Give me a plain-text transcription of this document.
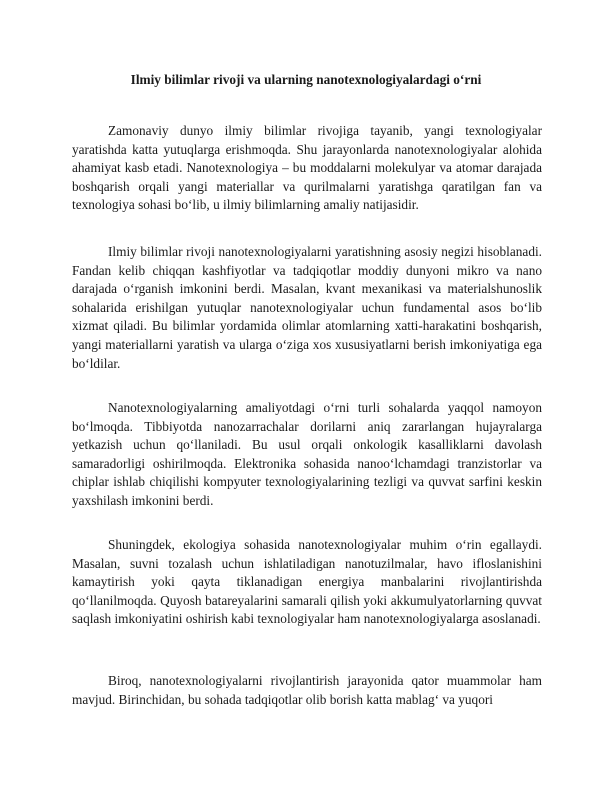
Ilmiy bilimlar rivoji va ularning nanotexnologiyalardagi o‘rni

Zamonaviy dunyo ilmiy bilimlar rivojiga tayanib, yangi texnologiyalar yaratishda katta yutuqlarga erishmoqda. Shu jarayonlarda nanotexnologiyalar alohida ahamiyat kasb etadi. Nanotexnologiya – bu moddalarni molekulyar va atomar darajada boshqarish orqali yangi materiallar va qurilmalarni yaratishga qaratilgan fan va texnologiya sohasi bo‘lib, u ilmiy bilimlarning amaliy natijasidir.

Ilmiy bilimlar rivoji nanotexnologiyalarni yaratishning asosiy negizi hisoblanadi. Fandan kelib chiqqan kashfiyotlar va tadqiqotlar moddiy dunyoni mikro va nano darajada o‘rganish imkonini berdi. Masalan, kvant mexanikasi va materialshunoslik sohalarida erishilgan yutuqlar nanotexnologiyalar uchun fundamental asos bo‘lib xizmat qiladi. Bu bilimlar yordamida olimlar atomlarning xatti-harakatini boshqarish, yangi materiallarni yaratish va ularga o‘ziga xos xususiyatlarni berish imkoniyatiga ega bo‘ldilar.

Nanotexnologiyalarning amaliyotdagi o‘rni turli sohalarda yaqqol namoyon bo‘lmoqda. Tibbiyotda nanozarrachalar dorilarni aniq zararlangan hujayralarga yetkazish uchun qo‘llaniladi. Bu usul orqali onkologik kasalliklarni davolash samaradorligi oshirilmoqda. Elektronika sohasida nanoo‘lchamdagi tranzistorlar va chiplar ishlab chiqilishi kompyuter texnologiyalarining tezligi va quvvat sarfini keskin yaxshilash imkonini berdi.

Shuningdek, ekologiya sohasida nanotexnologiyalar muhim o‘rin egallaydi. Masalan, suvni tozalash uchun ishlatiladigan nanotuzilmalar, havo ifloslanishini kamaytirish yoki qayta tiklanadigan energiya manbalarini rivojlantirishda qo‘llanilmoqda. Quyosh batareyalarini samarali qilish yoki akkumulyatorlarning quvvat saqlash imkoniyatini oshirish kabi texnologiyalar ham nanotexnologiyalarga asoslanadi.

Biroq, nanotexnologiyalarni rivojlantirish jarayonida qator muammolar ham mavjud. Birinchidan, bu sohada tadqiqotlar olib borish katta mablag‘ va yuqori
